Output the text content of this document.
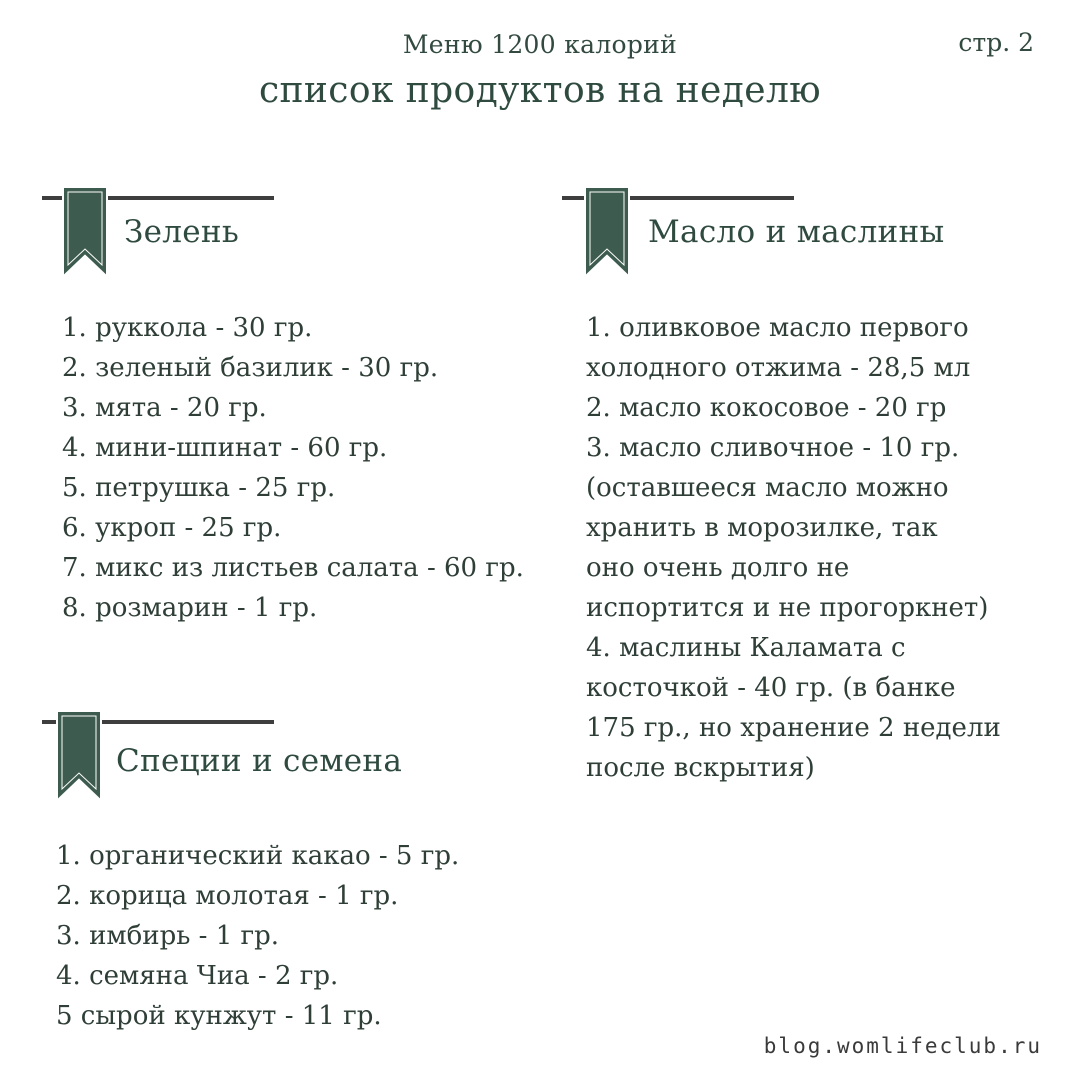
Меню 1200 калорий
список продуктов на неделю
стр. 2
Зелень
1. руккола - 30 гр.
2. зеленый базилик - 30 гр.
3. мята - 20 гр.
4. мини-шпинат - 60 гр.
5. петрушка - 25 гр.
6. укроп - 25 гр.
7. микс из листьев салата - 60 гр.
8. розмарин - 1 гр.
Масло и маслины
1. оливковое масло первого
холодного отжима - 28,5 мл
2. масло кокосовое - 20 гр
3. масло сливочное - 10 гр.
(оставшееся масло можно
хранить в морозилке, так
оно очень долго не
испортится и не прогоркнет)
4. маслины Каламата с
косточкой - 40 гр. (в банке
175 гр., но хранение 2 недели
после вскрытия)
Специи и семена
1. органический какао - 5 гр.
2. корица молотая - 1 гр.
3. имбирь - 1 гр.
4. семяна Чиа - 2 гр.
5 сырой кунжут - 11 гр.
blog.womlifeclub.ru
